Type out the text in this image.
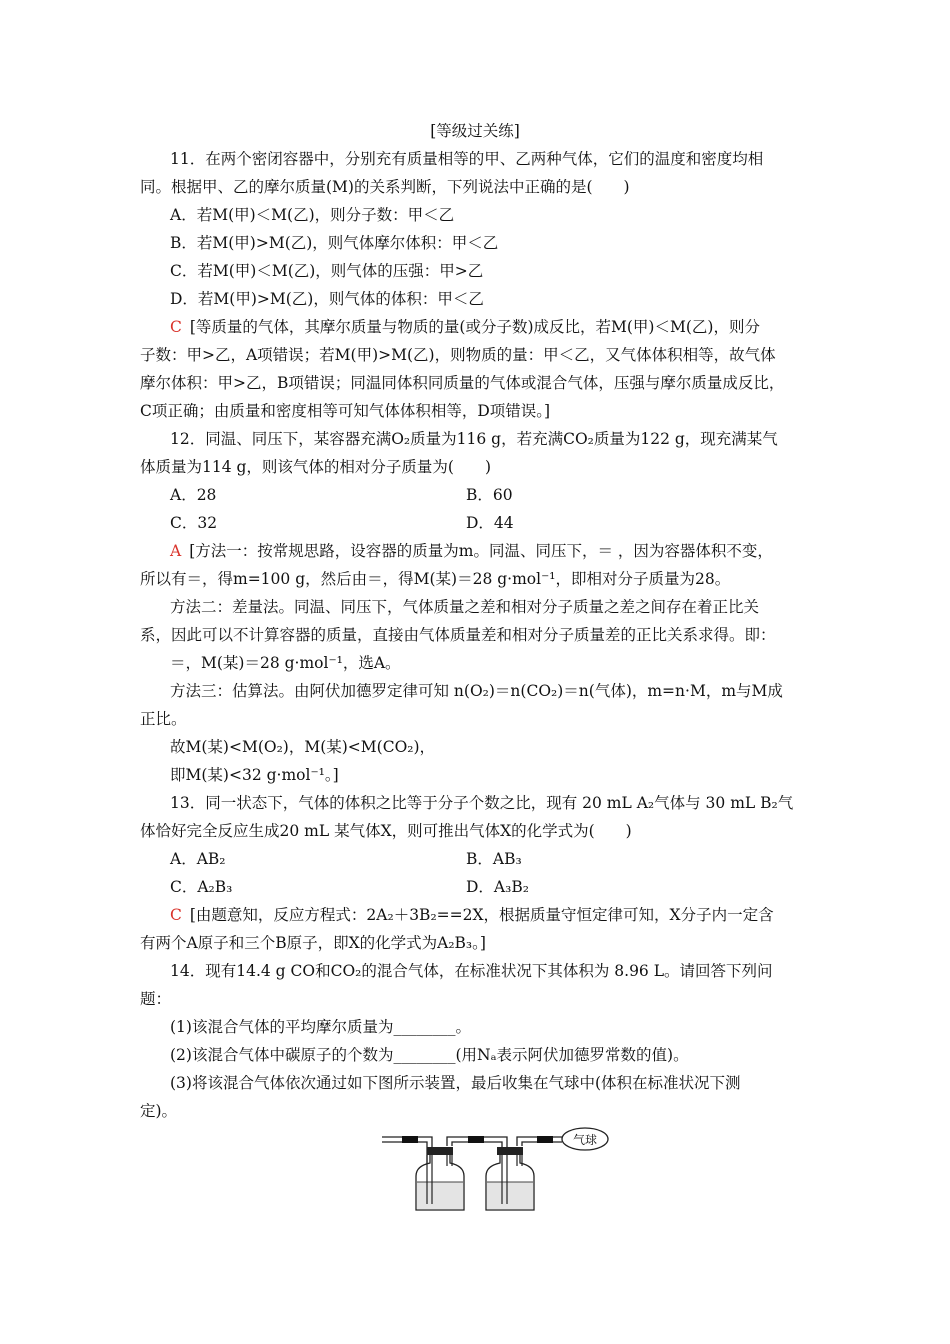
[等级过关练]
11．在两个密闭容器中，分别充有质量相等的甲、乙两种气体，它们的温度和密度均相
同。根据甲、乙的摩尔质量(M)的关系判断，下列说法中正确的是(　　)
A．若M(甲)＜M(乙)，则分子数：甲＜乙
B．若M(甲)>M(乙)，则气体摩尔体积：甲＜乙
C．若M(甲)＜M(乙)，则气体的压强：甲>乙
D．若M(甲)>M(乙)，则气体的体积：甲＜乙
C [等质量的气体，其摩尔质量与物质的量(或分子数)成反比，若M(甲)＜M(乙)，则分
子数：甲>乙，A项错误；若M(甲)>M(乙)，则物质的量：甲＜乙，又气体体积相等，故气体
摩尔体积：甲>乙，B项错误；同温同体积同质量的气体或混合气体，压强与摩尔质量成反比，
C项正确；由质量和密度相等可知气体体积相等，D项错误。]
12．同温、同压下，某容器充满O₂质量为116 g，若充满CO₂质量为122 g，现充满某气
体质量为114 g，则该气体的相对分子质量为(　　)
A．28	B．60
C．32	D．44
A [方法一：按常规思路，设容器的质量为m。同温、同压下，＝ ，因为容器体积不变，
所以有＝，得m=100 g，然后由＝，得M(某)＝28 g·mol⁻¹，即相对分子质量为28。
方法二：差量法。同温、同压下，气体质量之差和相对分子质量之差之间存在着正比关
系，因此可以不计算容器的质量，直接由气体质量差和相对分子质量差的正比关系求得。即：
＝，M(某)＝28 g·mol⁻¹，选A。
方法三：估算法。由阿伏加德罗定律可知 n(O₂)＝n(CO₂)＝n(气体)，m=n·M，m与M成
正比。
故M(某)<M(O₂)，M(某)<M(CO₂)，
即M(某)<32 g·mol⁻¹。]
13．同一状态下，气体的体积之比等于分子个数之比，现有 20 mL A₂气体与 30 mL B₂气
体恰好完全反应生成20 mL 某气体X，则可推出气体X的化学式为(　　)
A．AB₂	B．AB₃
C．A₂B₃	D．A₃B₂
C [由题意知，反应方程式：2A₂＋3B₂==2X，根据质量守恒定律可知，X分子内一定含
有两个A原子和三个B原子，即X的化学式为A₂B₃。]
14．现有14.4 g CO和CO₂的混合气体，在标准状况下其体积为 8.96 L。请回答下列问
题：
(1)该混合气体的平均摩尔质量为________。
(2)该混合气体中碳原子的个数为________(用Nₐ表示阿伏加德罗常数的值)。
(3)将该混合气体依次通过如下图所示装置，最后收集在气球中(体积在标准状况下测
定)。
气球
